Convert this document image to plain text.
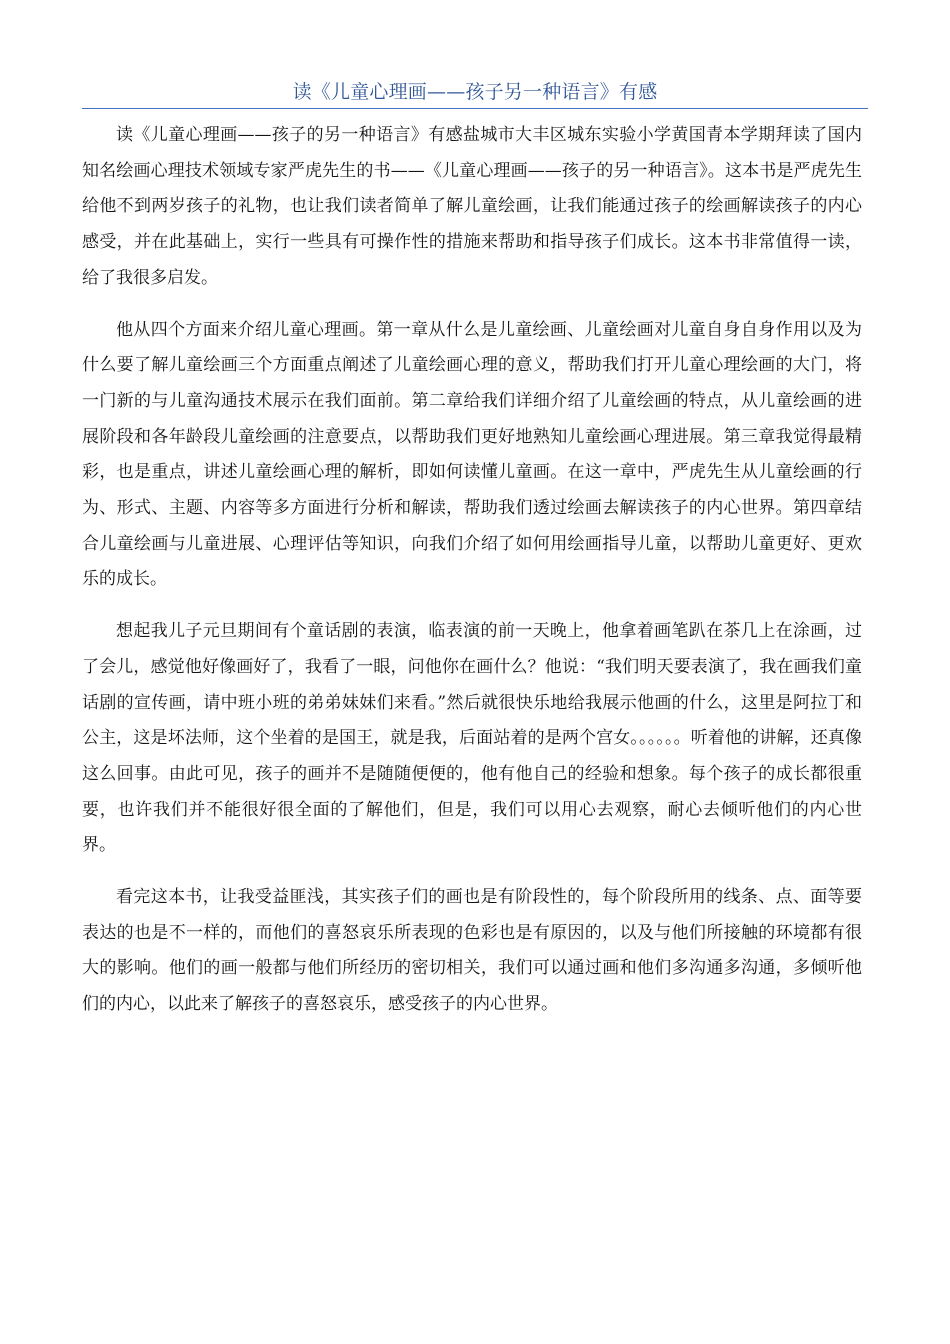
读《儿童心理画——孩子另一种语言》有感

读《儿童心理画——孩子的另一种语言》有感盐城市大丰区城东实验小学黄国青本学期拜读了国内知名绘画心理技术领域专家严虎先生的书——《儿童心理画——孩子的另一种语言》。这本书是严虎先生给他不到两岁孩子的礼物，也让我们读者简单了解儿童绘画，让我们能通过孩子的绘画解读孩子的内心感受，并在此基础上，实行一些具有可操作性的措施来帮助和指导孩子们成长。这本书非常值得一读，给了我很多启发。

他从四个方面来介绍儿童心理画。第一章从什么是儿童绘画、儿童绘画对儿童自身自身作用以及为什么要了解儿童绘画三个方面重点阐述了儿童绘画心理的意义，帮助我们打开儿童心理绘画的大门，将一门新的与儿童沟通技术展示在我们面前。第二章给我们详细介绍了儿童绘画的特点，从儿童绘画的进展阶段和各年龄段儿童绘画的注意要点，以帮助我们更好地熟知儿童绘画心理进展。第三章我觉得最精彩，也是重点，讲述儿童绘画心理的解析，即如何读懂儿童画。在这一章中，严虎先生从儿童绘画的行为、形式、主题、内容等多方面进行分析和解读，帮助我们透过绘画去解读孩子的内心世界。第四章结合儿童绘画与儿童进展、心理评估等知识，向我们介绍了如何用绘画指导儿童，以帮助儿童更好、更欢乐的成长。

想起我儿子元旦期间有个童话剧的表演，临表演的前一天晚上，他拿着画笔趴在茶几上在涂画，过了会儿，感觉他好像画好了，我看了一眼，问他你在画什么？他说：“我们明天要表演了，我在画我们童话剧的宣传画，请中班小班的弟弟妹妹们来看。”然后就很快乐地给我展示他画的什么，这里是阿拉丁和公主，这是坏法师，这个坐着的是国王，就是我，后面站着的是两个宫女。。。。。。听着他的讲解，还真像这么回事。由此可见，孩子的画并不是随随便便的，他有他自己的经验和想象。每个孩子的成长都很重要，也许我们并不能很好很全面的了解他们，但是，我们可以用心去观察，耐心去倾听他们的内心世界。

看完这本书，让我受益匪浅，其实孩子们的画也是有阶段性的，每个阶段所用的线条、点、面等要表达的也是不一样的，而他们的喜怒哀乐所表现的色彩也是有原因的，以及与他们所接触的环境都有很大的影响。他们的画一般都与他们所经历的密切相关，我们可以通过画和他们多沟通多沟通，多倾听他们的内心，以此来了解孩子的喜怒哀乐，感受孩子的内心世界。
